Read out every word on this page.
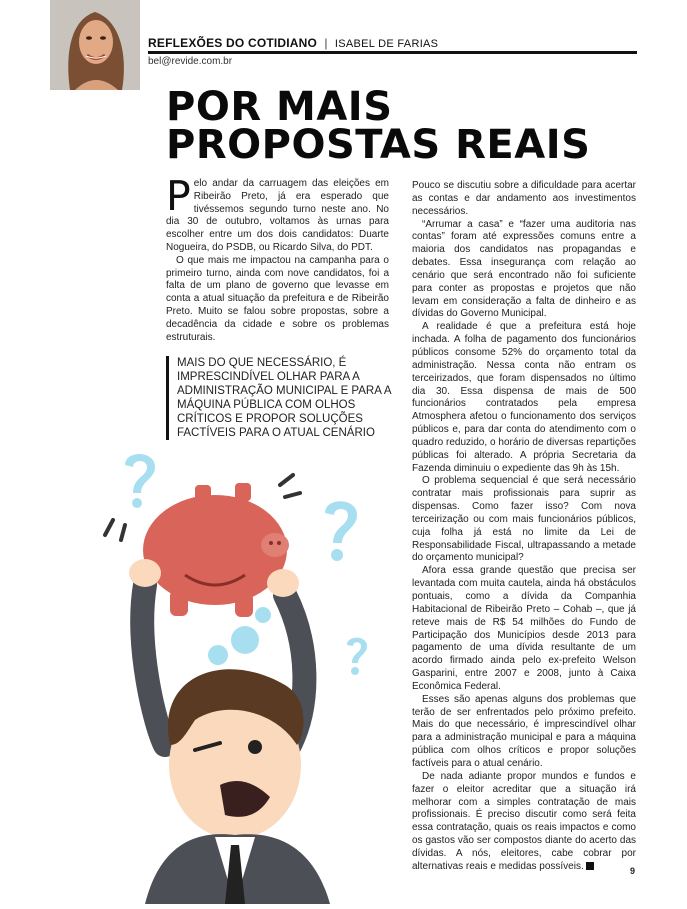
REFLEXÕES DO COTIDIANO | ISABEL DE FARIAS
bel@revide.com.br
POR MAIS
PROPOSTAS REAIS

Pelo andar da carruagem das eleições em Ribeirão Preto, já era esperado que tivéssemos segundo turno neste ano. No dia 30 de outubro, voltamos às urnas para escolher entre um dos dois candidatos: Duarte Nogueira, do PSDB, ou Ricardo Silva, do PDT.

O que mais me impactou na campanha para o primeiro turno, ainda com nove candidatos, foi a falta de um plano de governo que levasse em conta a atual situação da prefeitura e de Ribeirão Preto. Muito se falou sobre propostas, sobre a decadência da cidade e sobre os problemas estruturais.

MAIS DO QUE NECESSÁRIO, É IMPRESCINDÍVEL OLHAR PARA A ADMINISTRAÇÃO MUNICIPAL E PARA A MÁQUINA PÚBLICA COM OLHOS CRÍTICOS E PROPOR SOLUÇÕES FACTÍVEIS PARA O ATUAL CENÁRIO

Pouco se discutiu sobre a dificuldade para acertar as contas e dar andamento aos investimentos necessários.

“Arrumar a casa” e “fazer uma auditoria nas contas” foram até expressões comuns entre a maioria dos candidatos nas propagandas e debates. Essa insegurança com relação ao cenário que será encontrado não foi suficiente para conter as propostas e projetos que não levam em consideração a falta de dinheiro e as dívidas do Governo Municipal.

A realidade é que a prefeitura está hoje inchada. A folha de pagamento dos funcionários públicos consome 52% do orçamento total da administração. Nessa conta não entram os terceirizados, que foram dispensados no último dia 30. Essa dispensa de mais de 500 funcionários contratados pela empresa Atmosphera afetou o funcionamento dos serviços públicos e, para dar conta do atendimento com o quadro reduzido, o horário de diversas repartições públicas foi alterado. A própria Secretaria da Fazenda diminuiu o expediente das 9h às 15h.

O problema sequencial é que será necessário contratar mais profissionais para suprir as dispensas. Como fazer isso? Com nova terceirização ou com mais funcionários públicos, cuja folha já está no limite da Lei de Responsabilidade Fiscal, ultrapassando a metade do orçamento municipal?

Afora essa grande questão que precisa ser levantada com muita cautela, ainda há obstáculos pontuais, como a dívida da Companhia Habitacional de Ribeirão Preto – Cohab –, que já reteve mais de R$ 54 milhões do Fundo de Participação dos Municípios desde 2013 para pagamento de uma dívida resultante de um acordo firmado ainda pelo ex-prefeito Welson Gasparini, entre 2007 e 2008, junto à Caixa Econômica Federal.

Esses são apenas alguns dos problemas que terão de ser enfrentados pelo próximo prefeito. Mais do que necessário, é imprescindível olhar para a administração municipal e para a máquina pública com olhos críticos e propor soluções factíveis para o atual cenário.

De nada adiante propor mundos e fundos e fazer o eleitor acreditar que a situação irá melhorar com a simples contratação de mais profissionais. É preciso discutir como será feita essa contratação, quais os reais impactos e como os gastos vão ser compostos diante do acerto das dívidas. A nós, eleitores, cabe cobrar por alternativas reais e medidas possíveis.	9
